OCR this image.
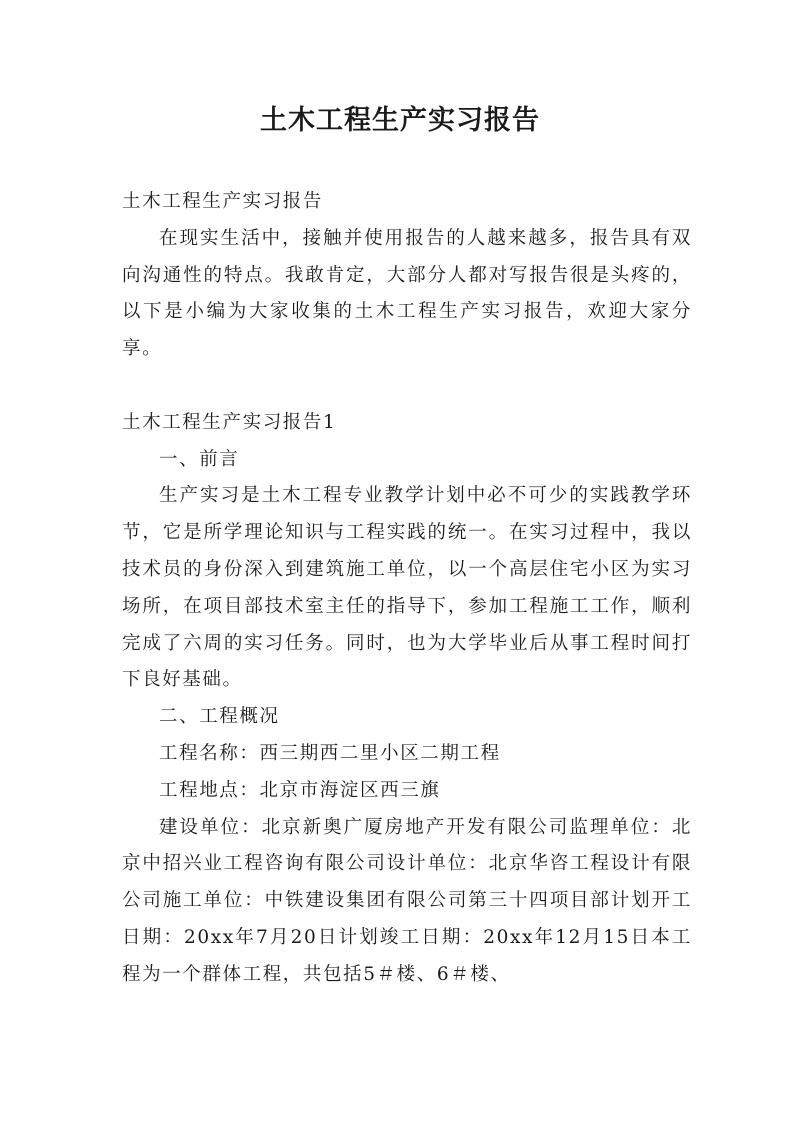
土木工程生产实习报告

土木工程生产实习报告

在现实生活中，接触并使用报告的人越来越多，报告具有双向沟通性的特点。我敢肯定，大部分人都对写报告很是头疼的，以下是小编为大家收集的土木工程生产实习报告，欢迎大家分享。

土木工程生产实习报告1

一、前言

生产实习是土木工程专业教学计划中必不可少的实践教学环节，它是所学理论知识与工程实践的统一。在实习过程中，我以技术员的身份深入到建筑施工单位，以一个高层住宅小区为实习场所，在项目部技术室主任的指导下，参加工程施工工作，顺利完成了六周的实习任务。同时，也为大学毕业后从事工程时间打下良好基础。

二、工程概况

工程名称：西三期西二里小区二期工程

工程地点：北京市海淀区西三旗

建设单位：北京新奥广厦房地产开发有限公司监理单位：北京中招兴业工程咨询有限公司设计单位：北京华咨工程设计有限公司施工单位：中铁建设集团有限公司第三十四项目部计划开工日期：20xx年7月20日计划竣工日期：20xx年12月15日本工程为一个群体工程，共包括5＃楼、6＃楼、
